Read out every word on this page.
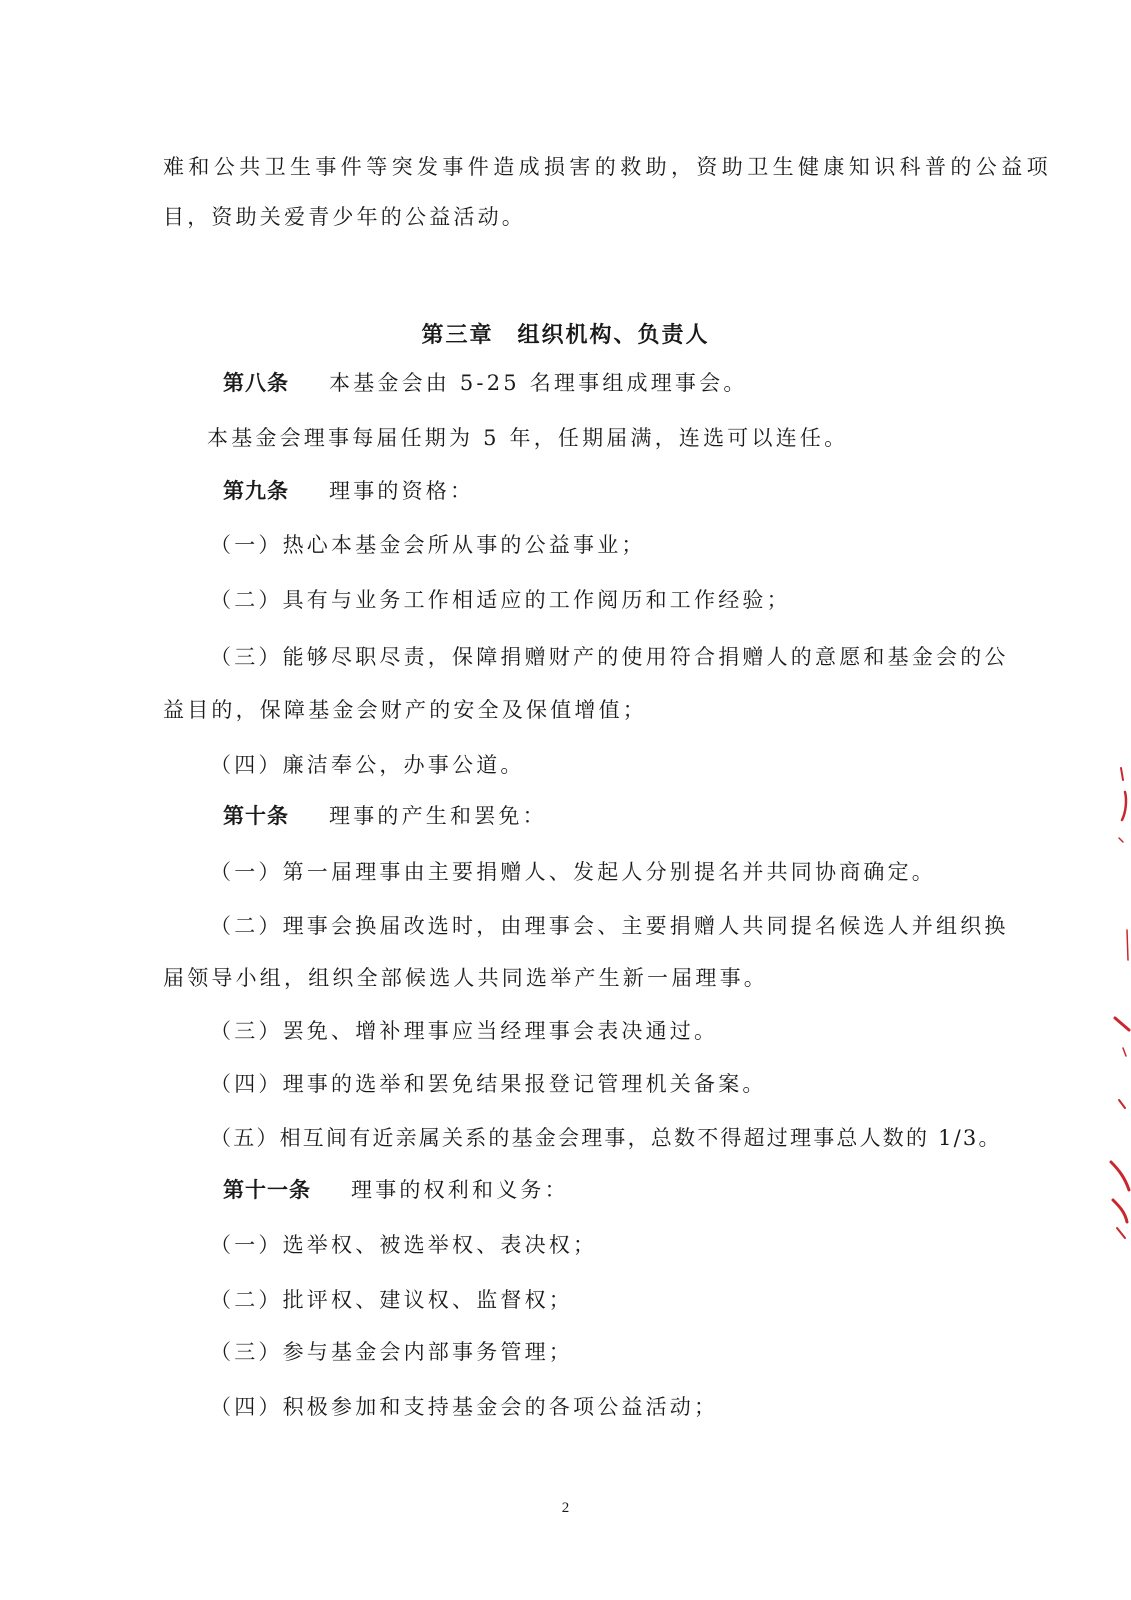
难和公共卫生事件等突发事件造成损害的救助，资助卫生健康知识科普的公益项
目，资助关爱青少年的公益活动。
第三章　组织机构、负责人
第八条 本基金会由 5-25 名理事组成理事会。
本基金会理事每届任期为 5 年，任期届满，连选可以连任。
第九条 理事的资格：
（一）热心本基金会所从事的公益事业；
（二）具有与业务工作相适应的工作阅历和工作经验；
（三）能够尽职尽责，保障捐赠财产的使用符合捐赠人的意愿和基金会的公
益目的，保障基金会财产的安全及保值增值；
（四）廉洁奉公，办事公道。
第十条 理事的产生和罢免：
（一）第一届理事由主要捐赠人、发起人分别提名并共同协商确定。
（二）理事会换届改选时，由理事会、主要捐赠人共同提名候选人并组织换
届领导小组，组织全部候选人共同选举产生新一届理事。
（三）罢免、增补理事应当经理事会表决通过。
（四）理事的选举和罢免结果报登记管理机关备案。
（五）相互间有近亲属关系的基金会理事，总数不得超过理事总人数的 1/3。
第十一条 理事的权利和义务：
（一）选举权、被选举权、表决权；
（二）批评权、建议权、监督权；
（三）参与基金会内部事务管理；
（四）积极参加和支持基金会的各项公益活动；
2
